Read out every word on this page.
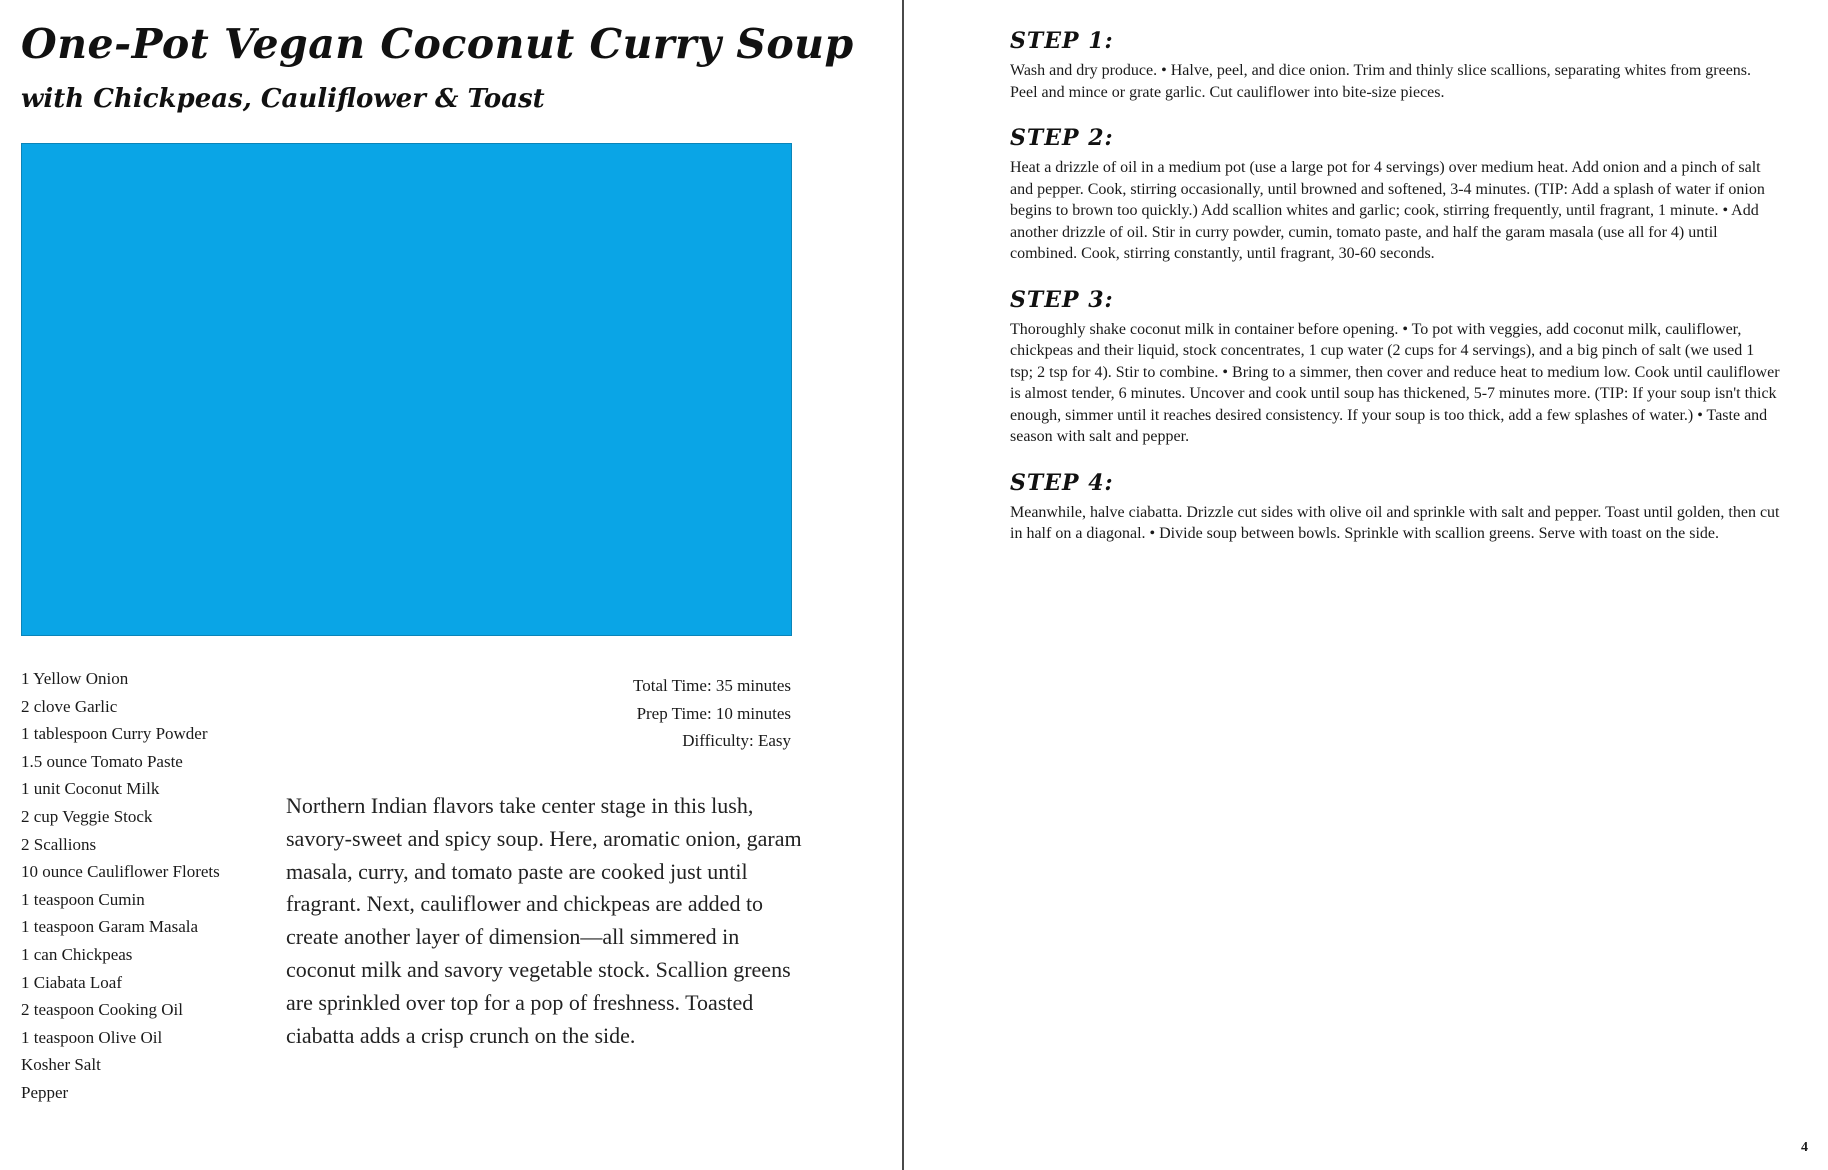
One-Pot Vegan Coconut Curry Soup
with Chickpeas, Cauliflower & Toast
1 Yellow Onion
2 clove Garlic
1 tablespoon Curry Powder
1.5 ounce Tomato Paste
1 unit Coconut Milk
2 cup Veggie Stock
2 Scallions
10 ounce Cauliflower Florets
1 teaspoon Cumin
1 teaspoon Garam Masala
1 can Chickpeas
1 Ciabata Loaf
2 teaspoon Cooking Oil
1 teaspoon Olive Oil
Kosher Salt
Pepper
Total Time: 35 minutes
Prep Time: 10 minutes
Difficulty: Easy

Northern Indian flavors take center stage in this lush, savory-sweet and spicy soup. Here, aromatic onion, garam masala, curry, and tomato paste are cooked just until fragrant. Next, cauliflower and chickpeas are added to create another layer of dimension—all simmered in coconut milk and savory vegetable stock. Scallion greens are sprinkled over top for a pop of freshness. Toasted ciabatta adds a crisp crunch on the side.

STEP 1:

Wash and dry produce. • Halve, peel, and dice onion. Trim and thinly slice scallions, separating whites from greens. Peel and mince or grate garlic. Cut cauliflower into bite-size pieces.

STEP 2:

Heat a drizzle of oil in a medium pot (use a large pot for 4 servings) over medium heat. Add onion and a pinch of salt and pepper. Cook, stirring occasionally, until browned and softened, 3-4 minutes. (TIP: Add a splash of water if onion begins to brown too quickly.) Add scallion whites and garlic; cook, stirring frequently, until fragrant, 1 minute. • Add another drizzle of oil. Stir in curry powder, cumin, tomato paste, and half the garam masala (use all for 4) until combined. Cook, stirring constantly, until fragrant, 30-60 seconds.

STEP 3:

Thoroughly shake coconut milk in container before opening. • To pot with veggies, add coconut milk, cauliflower, chickpeas and their liquid, stock concentrates, 1 cup water (2 cups for 4 servings), and a big pinch of salt (we used 1 tsp; 2 tsp for 4). Stir to combine. • Bring to a simmer, then cover and reduce heat to medium low. Cook until cauliflower is almost tender, 6 minutes. Uncover and cook until soup has thickened, 5-7 minutes more. (TIP: If your soup isn't thick enough, simmer until it reaches desired consistency. If your soup is too thick, add a few splashes of water.) • Taste and season with salt and pepper.

STEP 4:

Meanwhile, halve ciabatta. Drizzle cut sides with olive oil and sprinkle with salt and pepper. Toast until golden, then cut in half on a diagonal. • Divide soup between bowls. Sprinkle with scallion greens. Serve with toast on the side.

4
